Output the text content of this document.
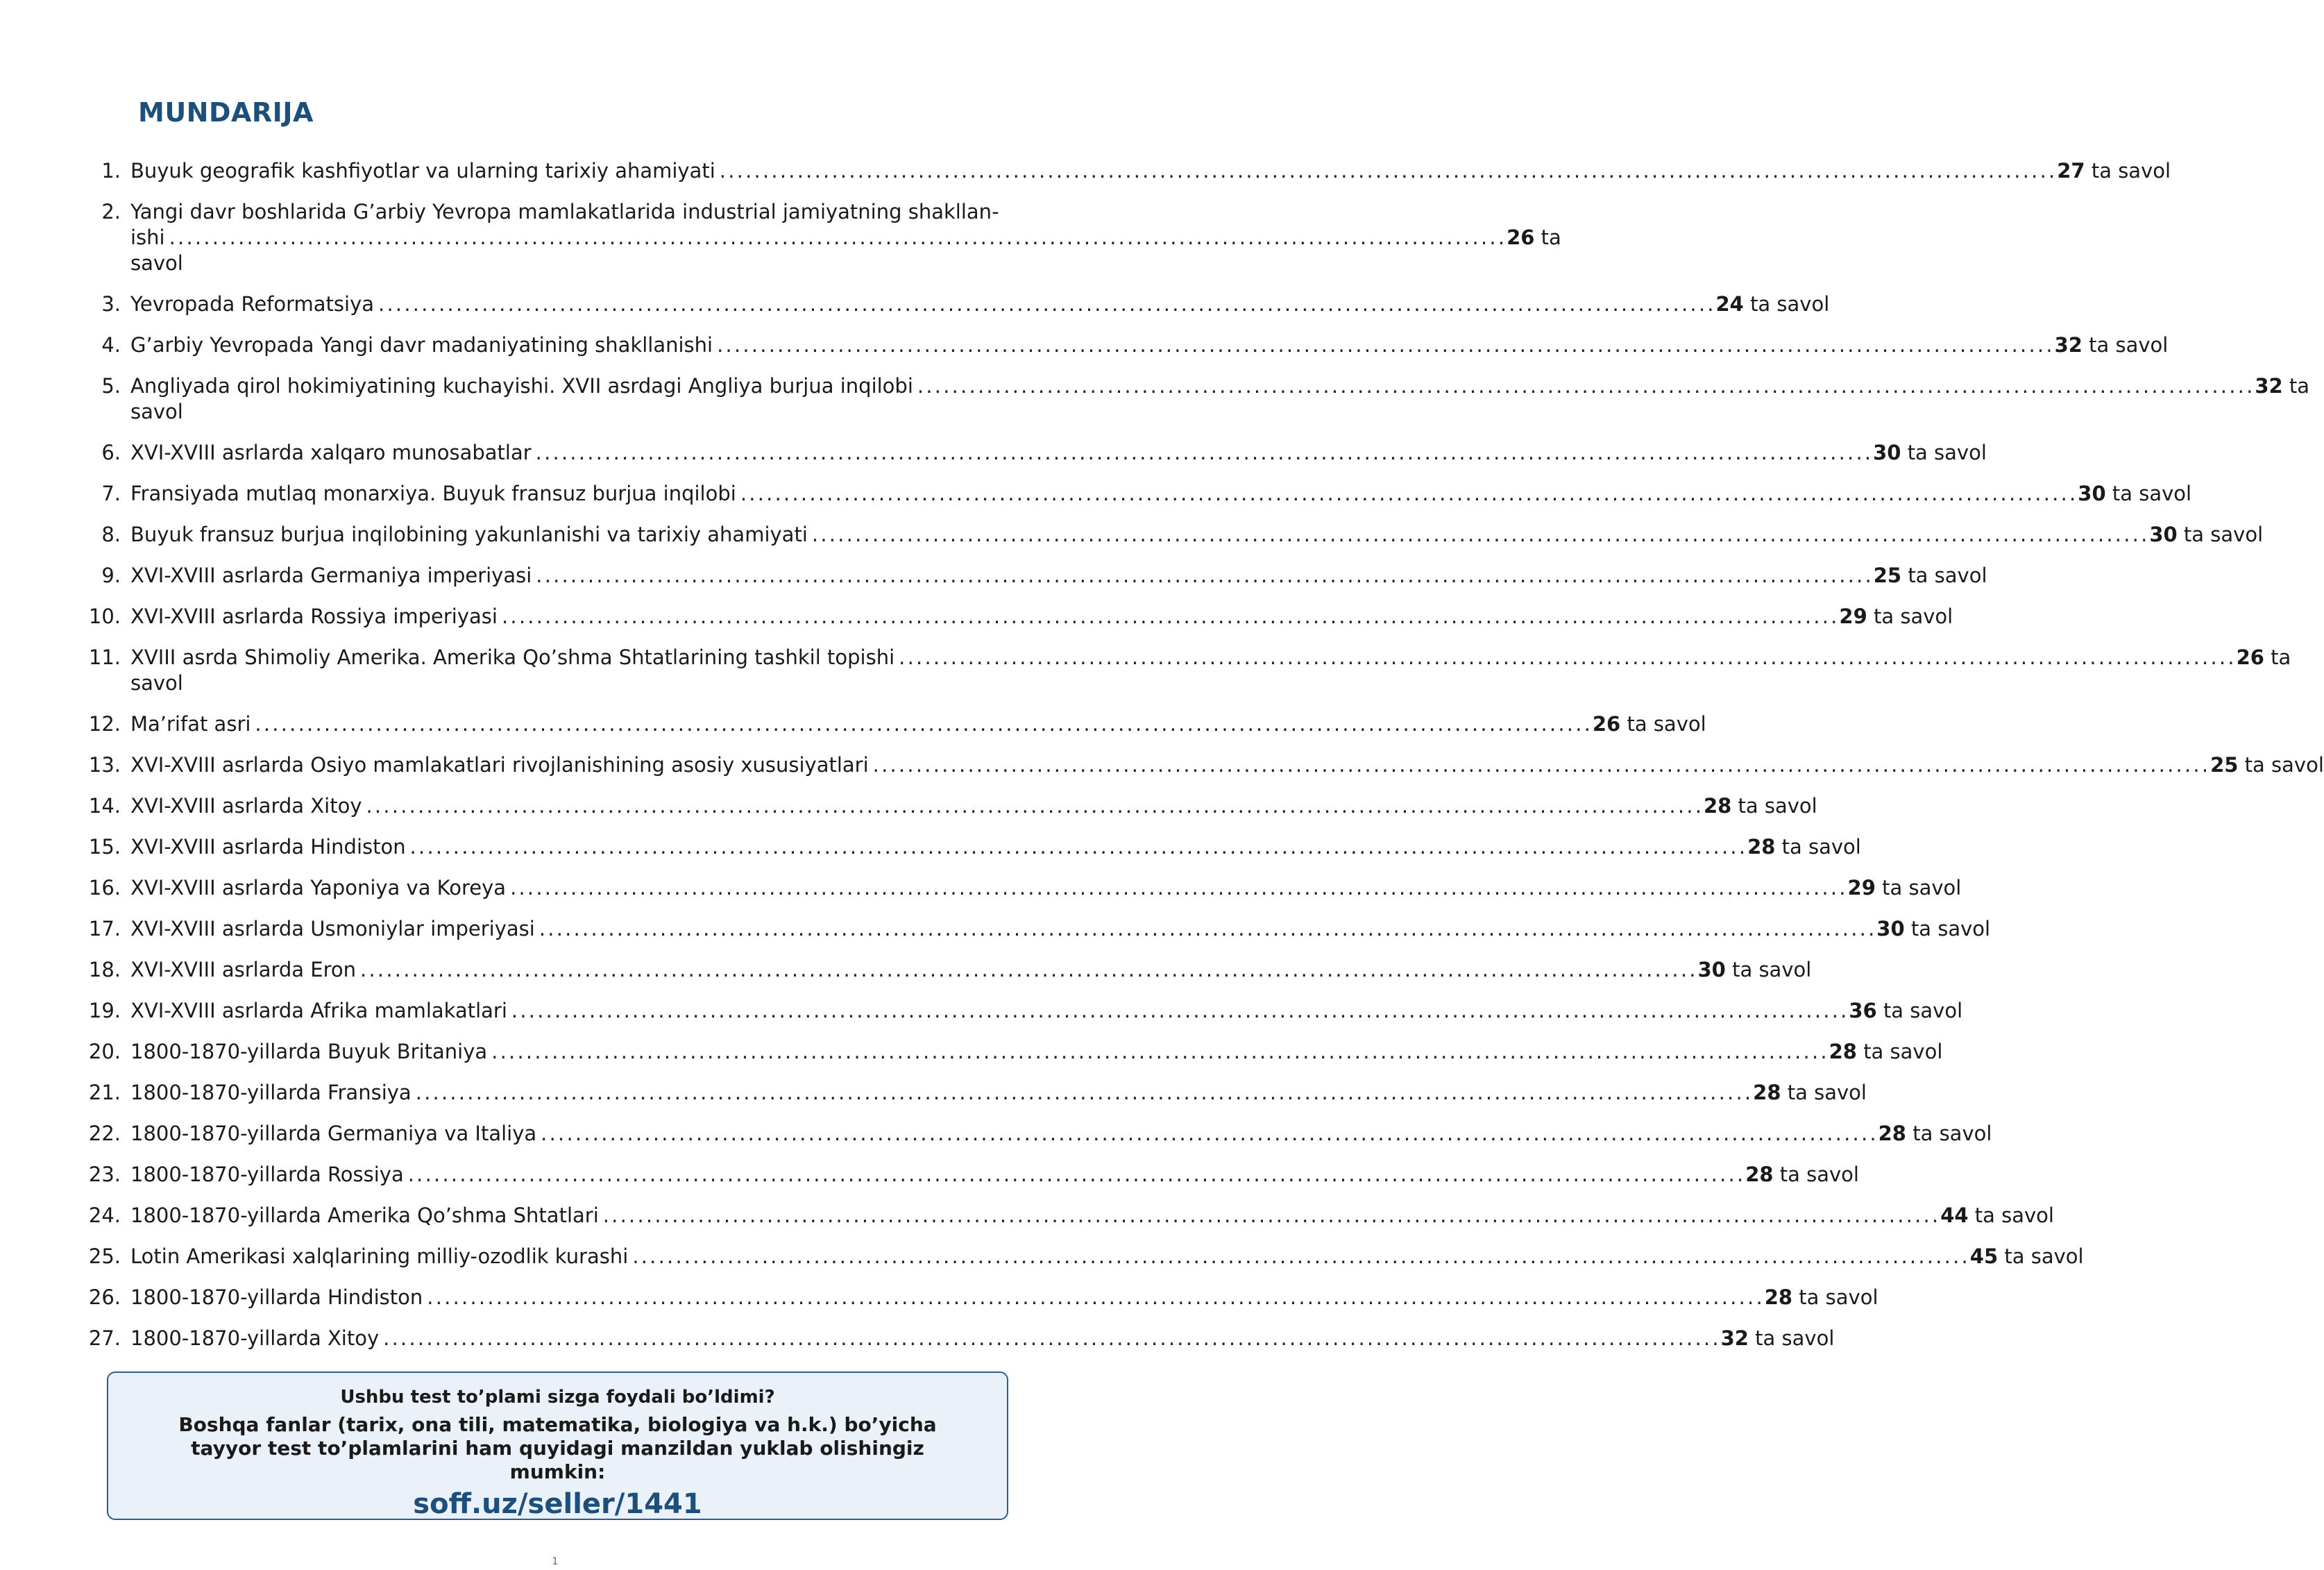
MUNDARIJA
1. Buyuk geografik kashfiyotlar va ularning tarixiy ahamiyati . . .	27 ta savol
2. Yangi davr boshlarida G’arbiy Yevropa mamlakatlarida industrial jamiyatning shakllan-
ishi . . .	26 ta
savol
3. Yevropada Reformatsiya . . .	24 ta savol
4. G’arbiy Yevropada Yangi davr madaniyatining shakllanishi . . .	32 ta savol
5. Angliyada qirol hokimiyatining kuchayishi. XVII asrdagi Angliya burjua inqilobi . . .	32 ta
savol
6. XVI-XVIII asrlarda xalqaro munosabatlar . . .	30 ta savol
7. Fransiyada mutlaq monarxiya. Buyuk fransuz burjua inqilobi . . .	30 ta savol
8. Buyuk fransuz burjua inqilobining yakunlanishi va tarixiy ahamiyati . . .	30 ta savol
9. XVI-XVIII asrlarda Germaniya imperiyasi . . .	25 ta savol
10. XVI-XVIII asrlarda Rossiya imperiyasi . . .	29 ta savol
11. XVIII asrda Shimoliy Amerika. Amerika Qo’shma Shtatlarining tashkil topishi . . .	26 ta
savol
12. Ma’rifat asri . . .	26 ta savol
13. XVI-XVIII asrlarda Osiyo mamlakatlari rivojlanishining asosiy xususiyatlari . . .	25 ta savol
14. XVI-XVIII asrlarda Xitoy . . .	28 ta savol
15. XVI-XVIII asrlarda Hindiston . . .	28 ta savol
16. XVI-XVIII asrlarda Yaponiya va Koreya . . .	29 ta savol
17. XVI-XVIII asrlarda Usmoniylar imperiyasi . . .	30 ta savol
18. XVI-XVIII asrlarda Eron . . .	30 ta savol
19. XVI-XVIII asrlarda Afrika mamlakatlari . . .	36 ta savol
20. 1800-1870-yillarda Buyuk Britaniya . . .	28 ta savol
21. 1800-1870-yillarda Fransiya . . .	28 ta savol
22. 1800-1870-yillarda Germaniya va Italiya . . .	28 ta savol
23. 1800-1870-yillarda Rossiya . . .	28 ta savol
24. 1800-1870-yillarda Amerika Qo’shma Shtatlari . . .	44 ta savol
25. Lotin Amerikasi xalqlarining milliy-ozodlik kurashi . . .	45 ta savol
26. 1800-1870-yillarda Hindiston . . .	28 ta savol
27. 1800-1870-yillarda Xitoy . . .	32 ta savol
Ushbu test to’plami sizga foydali bo’ldimi?
Boshqa fanlar (tarix, ona tili, matematika, biologiya va h.k.) bo’yicha tayyor test to’plamlarini ham quyidagi manzildan yuklab olishingiz mumkin:
soff.uz/seller/1441
1
